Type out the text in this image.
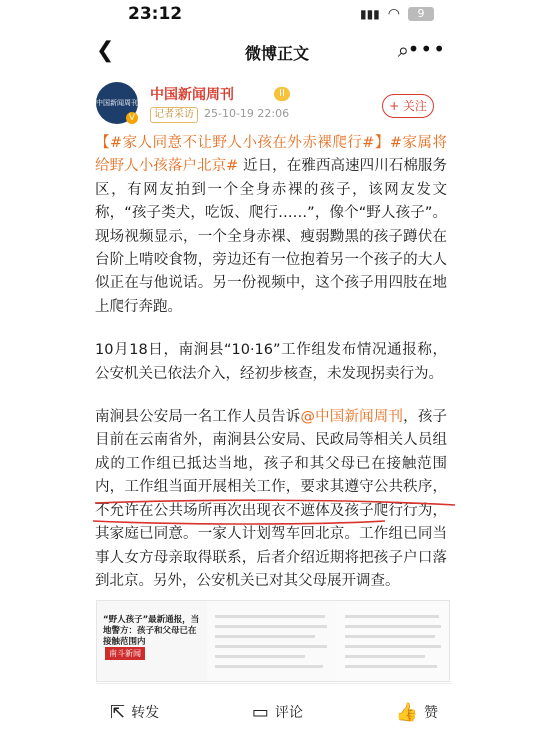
23:12	▮▮▮ ◠	9
❮	微博正文	⌕
•••
中国新闻周刊
V
中国新闻周刊	II
记者采访 25-10-19 22:06
+ 关注

【#家人同意不让野人小孩在外赤裸爬行#】#家属将给野人小孩落户北京# 近日，在雅西高速四川石棉服务区，有网友拍到一个全身赤裸的孩子，该网友发文称，“孩子类犬，吃饭、爬行……”，像个“野人孩子”。现场视频显示，一个全身赤裸、瘦弱黝黑的孩子蹲伏在台阶上啃咬食物，旁边还有一位抱着另一个孩子的大人似正在与他说话。另一份视频中，这个孩子用四肢在地上爬行奔跑。

10月18日，南涧县“10·16”工作组发布情况通报称，公安机关已依法介入，经初步核查，未发现拐卖行为。

南涧县公安局一名工作人员告诉@中国新闻周刊，孩子目前在云南省外，南涧县公安局、民政局等相关人员组成的工作组已抵达当地，孩子和其父母已在接触范围内，工作组当面开展相关工作，要求其遵守公共秩序，不允许在公共场所再次出现衣不遮体及孩子爬行行为，其家庭已同意。一家人计划驾车回北京。工作组已同当事人女方母亲取得联系，后者介绍近期将把孩子户口落到北京。另外，公安机关已对其父母展开调查。

“野人孩子”最新通报，当地警方：孩子和父母已在接触范围内
南斗新闻
⇱ 转发	▭ 评论	👍 赞
